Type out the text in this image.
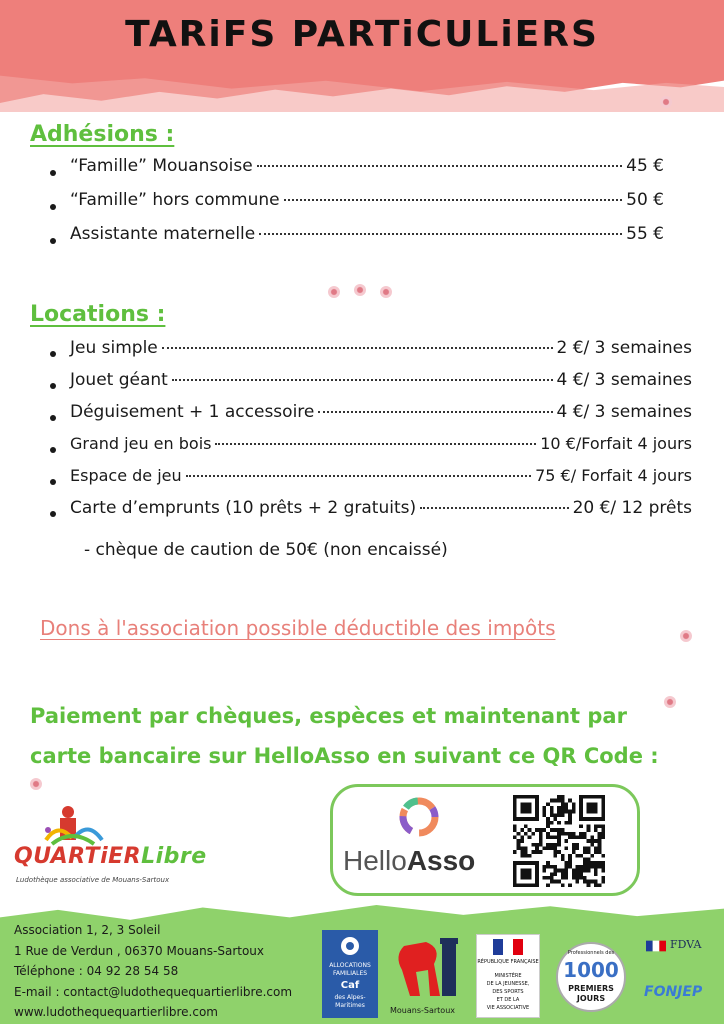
TARiFS PARTiCULiERS
Adhésions :
“Famille” Mouansoise	45 €
“Famille” hors commune	50 €
Assistante maternelle	55 €
Locations :
Jeu simple	2 €/ 3 semaines
Jouet géant	4 €/ 3 semaines
Déguisement + 1 accessoire	4 €/ 3 semaines
Grand jeu en bois	10 €/Forfait 4 jours
Espace de jeu	75 €/ Forfait 4 jours
Carte d’emprunts (10 prêts + 2 gratuits)	20 €/ 12 prêts
- chèque de caution de 50€ (non encaissé)
Dons à l'association possible déductible des impôts
Paiement par chèques, espèces et maintenant par
carte bancaire sur HelloAsso en suivant ce QR Code :
QUARTiERLibre
Ludothèque associative de Mouans-Sartoux
HelloAsso
Association 1, 2, 3 Soleil
1 Rue de Verdun , 06370 Mouans-Sartoux
Téléphone : 04 92 28 54 58
E-mail : contact@ludothequequartierlibre.com
www.ludothequequartierlibre.com
ALLOCATIONS
FAMILIALES
Caf
des Alpes-
Maritimes
Mouans-Sartoux
RÉPUBLIQUE FRANÇAISE
MINISTÈRE
DE LA JEUNESSE,
DES SPORTS
ET DE LA
VIE ASSOCIATIVE
Professionnels des
1000
PREMIERS
JOURS
FDVA
FONJEP
